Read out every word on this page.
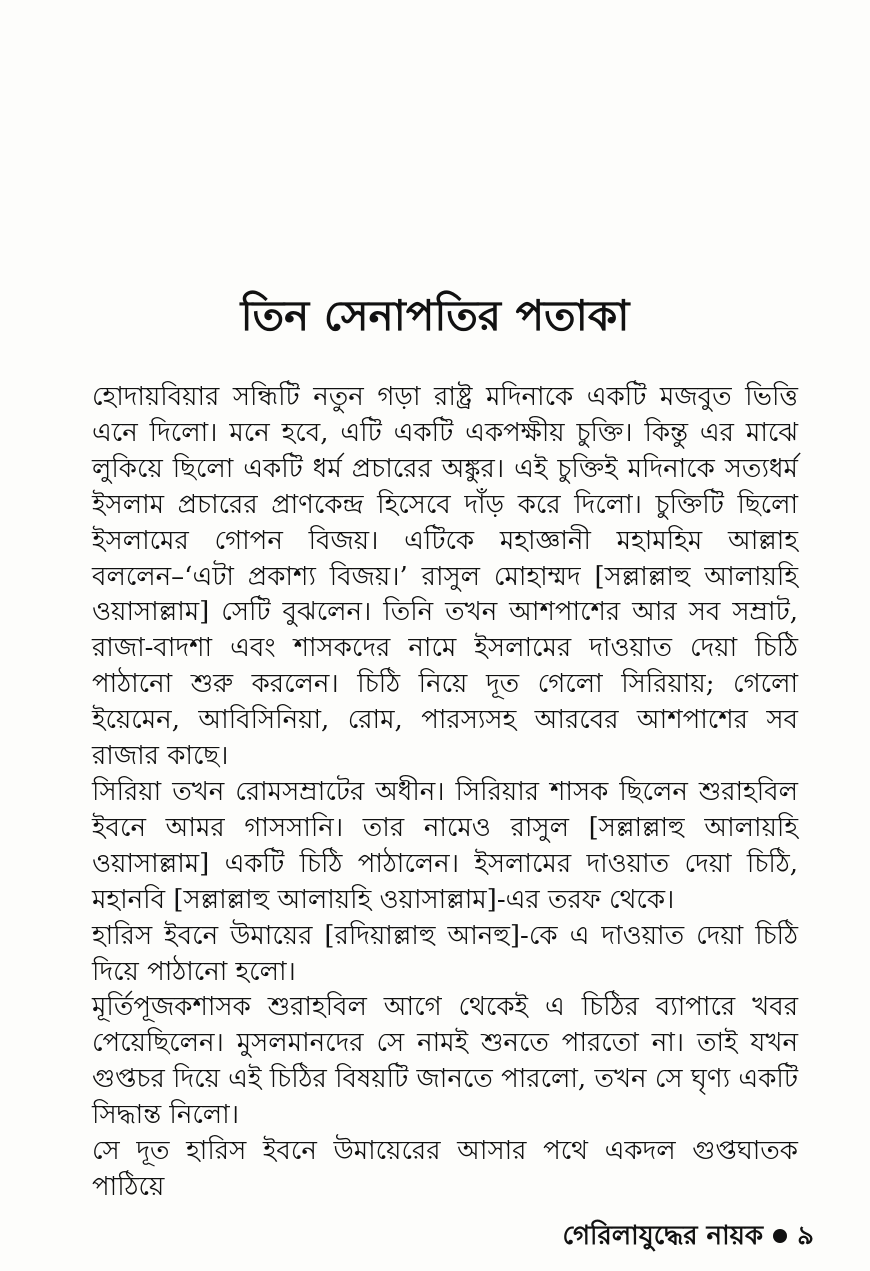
তিন সেনাপতির পতাকা

হোদায়বিয়ার সন্ধিটি নতুন গড়া রাষ্ট্র মদিনাকে একটি মজবুত ভিত্তি এনে দিলো। মনে হবে, এটি একটি একপক্ষীয় চুক্তি। কিন্তু এর মাঝে লুকিয়ে ছিলো একটি ধর্ম প্রচারের অঙ্কুর। এই চুক্তিই মদিনাকে সত্যধর্ম ইসলাম প্রচারের প্রাণকেন্দ্র হিসেবে দাঁড় করে দিলো। চুক্তিটি ছিলো ইসলামের গোপন বিজয়। এটিকে মহাজ্ঞানী মহামহিম আল্লাহ বললেন–‘এটা প্রকাশ্য বিজয়।’ রাসুল মোহাম্মদ [সল্লাল্লাহু আলায়হি ওয়াসাল্লাম] সেটি বুঝলেন। তিনি তখন আশপাশের আর সব সম্রাট, রাজা-বাদশা এবং শাসকদের নামে ইসলামের দাওয়াত দেয়া চিঠি পাঠানো শুরু করলেন। চিঠি নিয়ে দূত গেলো সিরিয়ায়; গেলো ইয়েমেন, আবিসিনিয়া, রোম, পারস্যসহ আরবের আশপাশের সব রাজার কাছে।

সিরিয়া তখন রোমসম্রাটের অধীন। সিরিয়ার শাসক ছিলেন শুরাহবিল ইবনে আমর গাসসানি। তার নামেও রাসুল [সল্লাল্লাহু আলায়হি ওয়াসাল্লাম] একটি চিঠি পাঠালেন। ইসলামের দাওয়াত দেয়া চিঠি, মহানবি [সল্লাল্লাহু আলায়হি ওয়াসাল্লাম]-এর তরফ থেকে।

হারিস ইবনে উমায়ের [রদিয়াল্লাহু আনহু]-কে এ দাওয়াত দেয়া চিঠি দিয়ে পাঠানো হলো।

মূর্তিপূজকশাসক শুরাহবিল আগে থেকেই এ চিঠির ব্যাপারে খবর পেয়েছিলেন। মুসলমানদের সে নামই শুনতে পারতো না। তাই যখন গুপ্তচর দিয়ে এই চিঠির বিষয়টি জানতে পারলো, তখন সে ঘৃণ্য একটি সিদ্ধান্ত নিলো।

সে দূত হারিস ইবনে উমায়েরের আসার পথে একদল গুপ্তঘাতক পাঠিয়ে

গেরিলাযুদ্ধের নায়ক ৯
